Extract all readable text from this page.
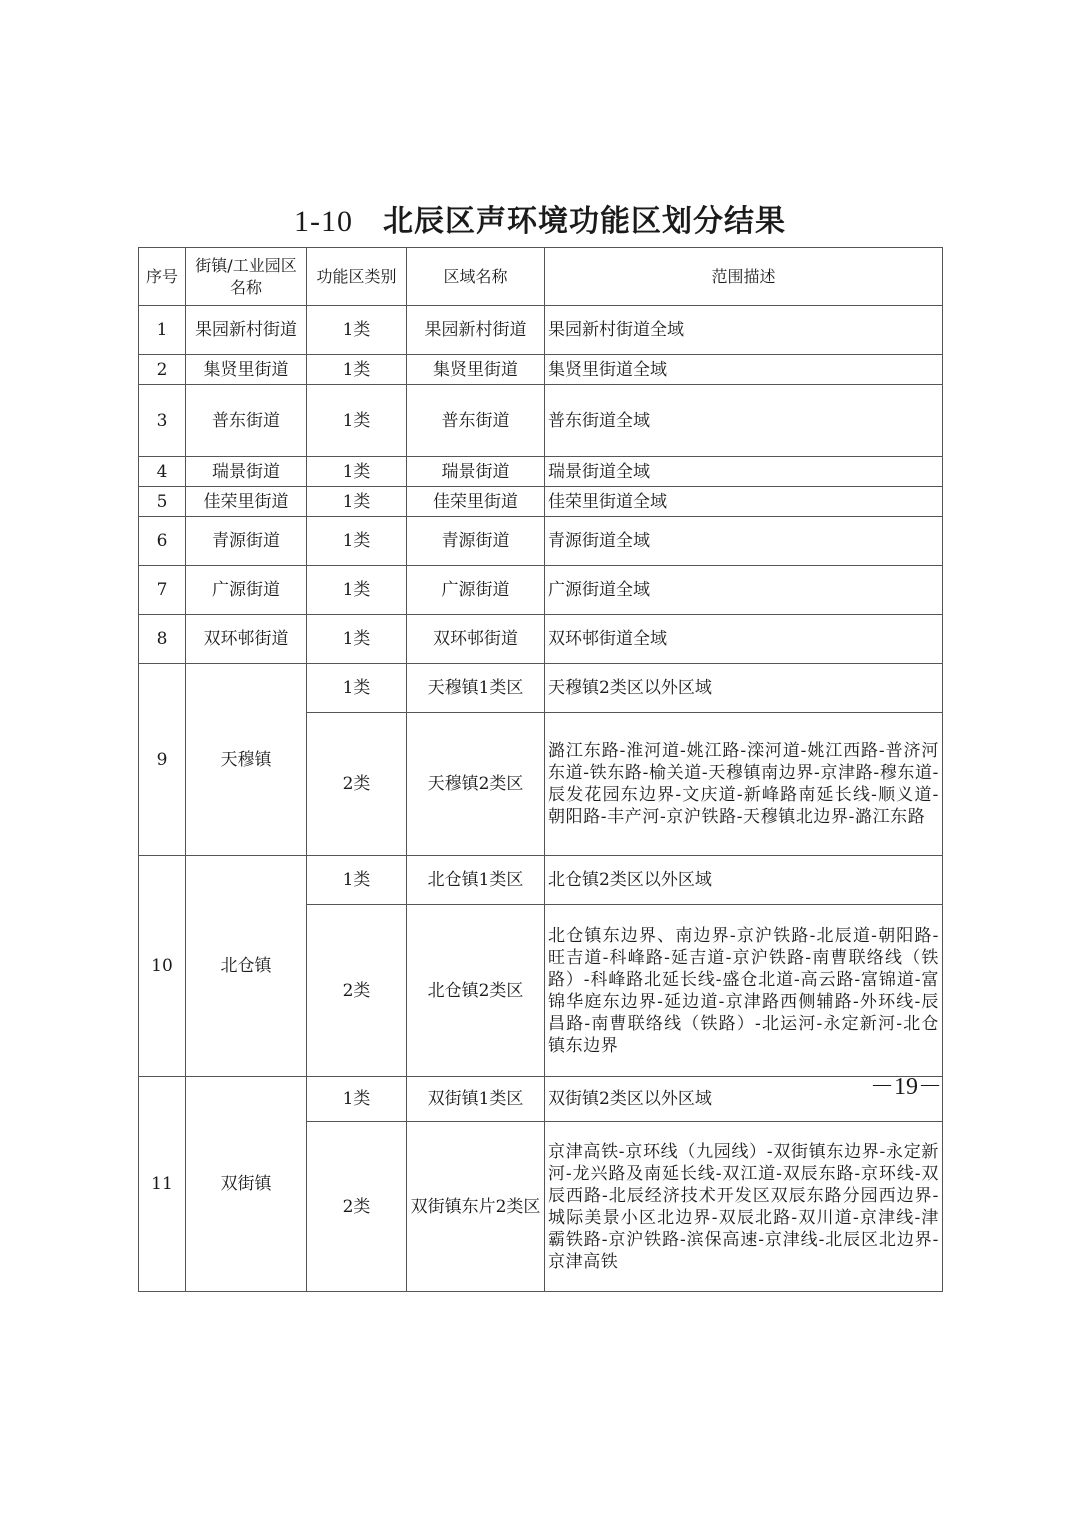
1-10 北辰区声环境功能区划分结果
序号	街镇/工业园区名称	功能区类别	区域名称	范围描述
1	果园新村街道	1类	果园新村街道	果园新村街道全域
2	集贤里街道	1类	集贤里街道	集贤里街道全域
3	普东街道	1类	普东街道	普东街道全域
4	瑞景街道	1类	瑞景街道	瑞景街道全域
5	佳荣里街道	1类	佳荣里街道	佳荣里街道全域
6	青源街道	1类	青源街道	青源街道全域
7	广源街道	1类	广源街道	广源街道全域
8	双环邨街道	1类	双环邨街道	双环邨街道全域
9	天穆镇	1类	天穆镇1类区	天穆镇2类区以外区域
		2类	天穆镇2类区	潞江东路-淮河道-姚江路-滦河道-姚江西路-普济河东道-铁东路-榆关道-天穆镇南边界-京津路-穆东道-辰发花园东边界-文庆道-新峰路南延长线-顺义道-朝阳路-丰产河-京沪铁路-天穆镇北边界-潞江东路
10	北仓镇	1类	北仓镇1类区	北仓镇2类区以外区域
		2类	北仓镇2类区	北仓镇东边界、南边界-京沪铁路-北辰道-朝阳路-旺吉道-科峰路-延吉道-京沪铁路-南曹联络线（铁路）-科峰路北延长线-盛仓北道-高云路-富锦道-富锦华庭东边界-延边道-京津路西侧辅路-外环线-辰昌路-南曹联络线（铁路）-北运河-永定新河-北仓镇东边界
11	双街镇	1类	双街镇1类区	双街镇2类区以外区域
		2类	双街镇东片2类区	京津高铁-京环线（九园线）-双街镇东边界-永定新河-龙兴路及南延长线-双江道-双辰东路-京环线-双辰西路-北辰经济技术开发区双辰东路分园西边界-城际美景小区北边界-双辰北路-双川道-京津线-津霸铁路-京沪铁路-滨保高速-京津线-北辰区北边界-京津高铁
－19－
